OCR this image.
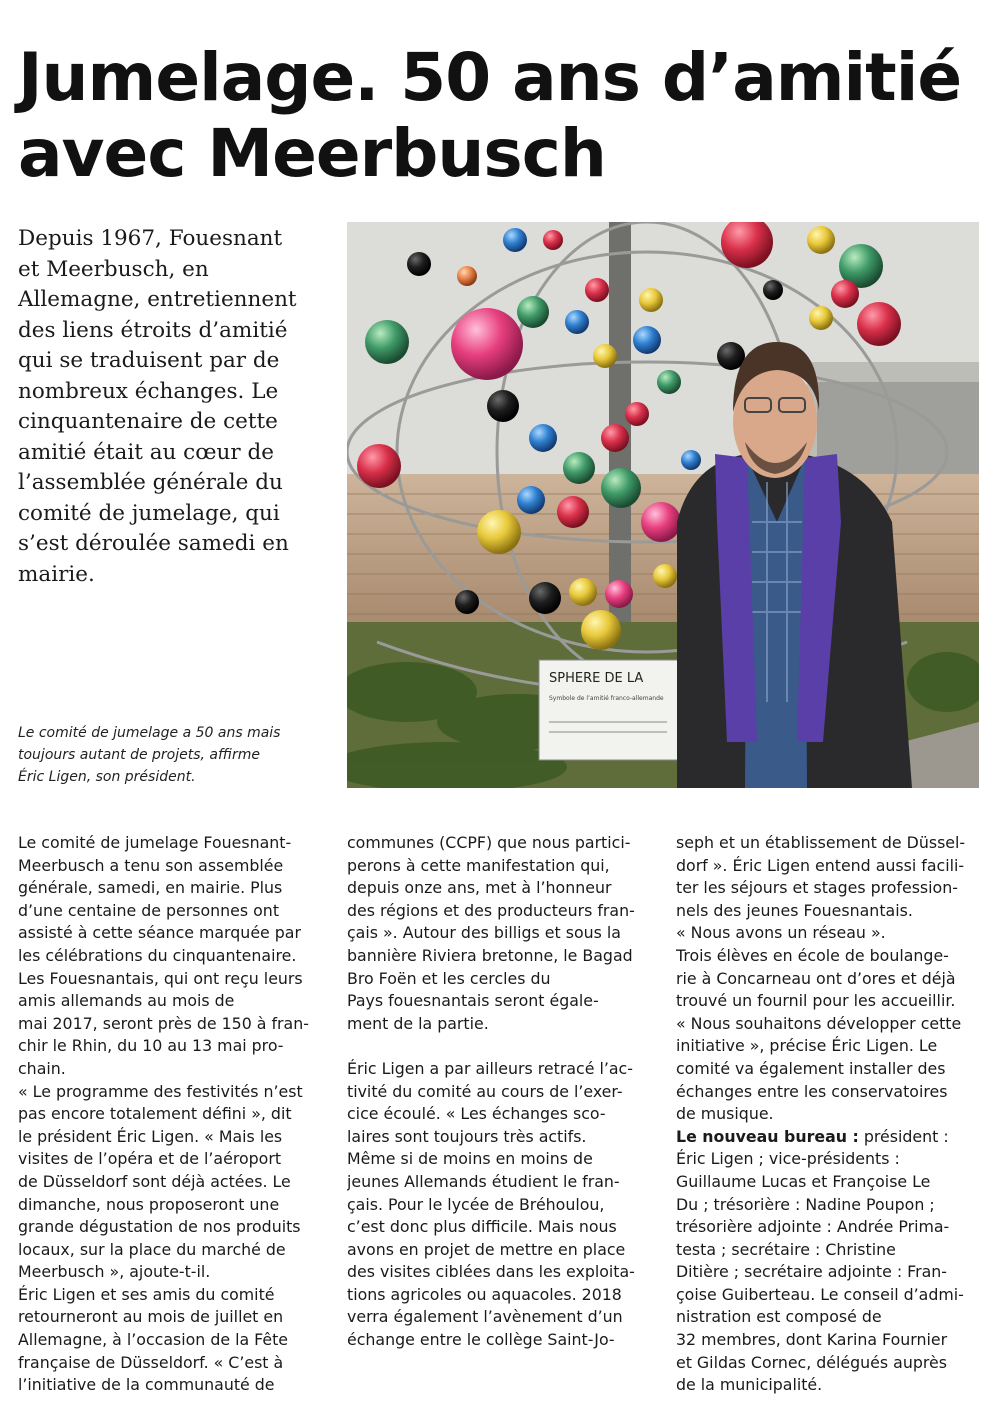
Jumelage. 50 ans d’amitié
avec Meerbusch

Depuis 1967, Fouesnant
et Meerbusch, en
Allemagne, entretiennent
des liens étroits d’amitié
qui se traduisent par de
nombreux échanges. Le
cinquantenaire de cette
amitié était au cœur de
l’assemblée générale du
comité de jumelage, qui
s’est déroulée samedi en
mairie.

SPHERE DE LA
Symbole de l’amitié franco-allemande

Le comité de jumelage a 50 ans mais
toujours autant de projets, affirme
Éric Ligen, son président.

Le comité de jumelage Fouesnant-
Meerbusch a tenu son assemblée
générale, samedi, en mairie. Plus
d’une centaine de personnes ont
assisté à cette séance marquée par
les célébrations du cinquantenaire.
Les Fouesnantais, qui ont reçu leurs
amis allemands au mois de
mai 2017, seront près de 150 à fran-
chir le Rhin, du 10 au 13 mai pro-
chain.
« Le programme des festivités n’est
pas encore totalement défini », dit
le président Éric Ligen. « Mais les
visites de l’opéra et de l’aéroport
de Düsseldorf sont déjà actées. Le
dimanche, nous proposeront une
grande dégustation de nos produits
locaux, sur la place du marché de
Meerbusch », ajoute-t-il.
Éric Ligen et ses amis du comité
retourneront au mois de juillet en
Allemagne, à l’occasion de la Fête
française de Düsseldorf. « C’est à
l’initiative de la communauté de
communes (CCPF) que nous partici-
perons à cette manifestation qui,
depuis onze ans, met à l’honneur
des régions et des producteurs fran-
çais ». Autour des billigs et sous la
bannière Riviera bretonne, le Bagad
Bro Foën et les cercles du
Pays fouesnantais seront égale-
ment de la partie.
Éric Ligen a par ailleurs retracé l’ac-
tivité du comité au cours de l’exer-
cice écoulé. « Les échanges sco-
laires sont toujours très actifs.
Même si de moins en moins de
jeunes Allemands étudient le fran-
çais. Pour le lycée de Bréhoulou,
c’est donc plus difficile. Mais nous
avons en projet de mettre en place
des visites ciblées dans les exploita-
tions agricoles ou aquacoles. 2018
verra également l’avènement d’un
échange entre le collège Saint-Jo-
seph et un établissement de Düssel-
dorf ». Éric Ligen entend aussi facili-
ter les séjours et stages profession-
nels des jeunes Fouesnantais.
« Nous avons un réseau ».
Trois élèves en école de boulange-
rie à Concarneau ont d’ores et déjà
trouvé un fournil pour les accueillir.
« Nous souhaitons développer cette
initiative », précise Éric Ligen. Le
comité va également installer des
échanges entre les conservatoires
de musique.
Le nouveau bureau : président :
Éric Ligen ; vice-présidents :
Guillaume Lucas et Françoise Le
Du ; trésorière : Nadine Poupon ;
trésorière adjointe : Andrée Prima-
testa ; secrétaire : Christine
Ditière ; secrétaire adjointe : Fran-
çoise Guiberteau. Le conseil d’admi-
nistration est composé de
32 membres, dont Karina Fournier
et Gildas Cornec, délégués auprès
de la municipalité.
